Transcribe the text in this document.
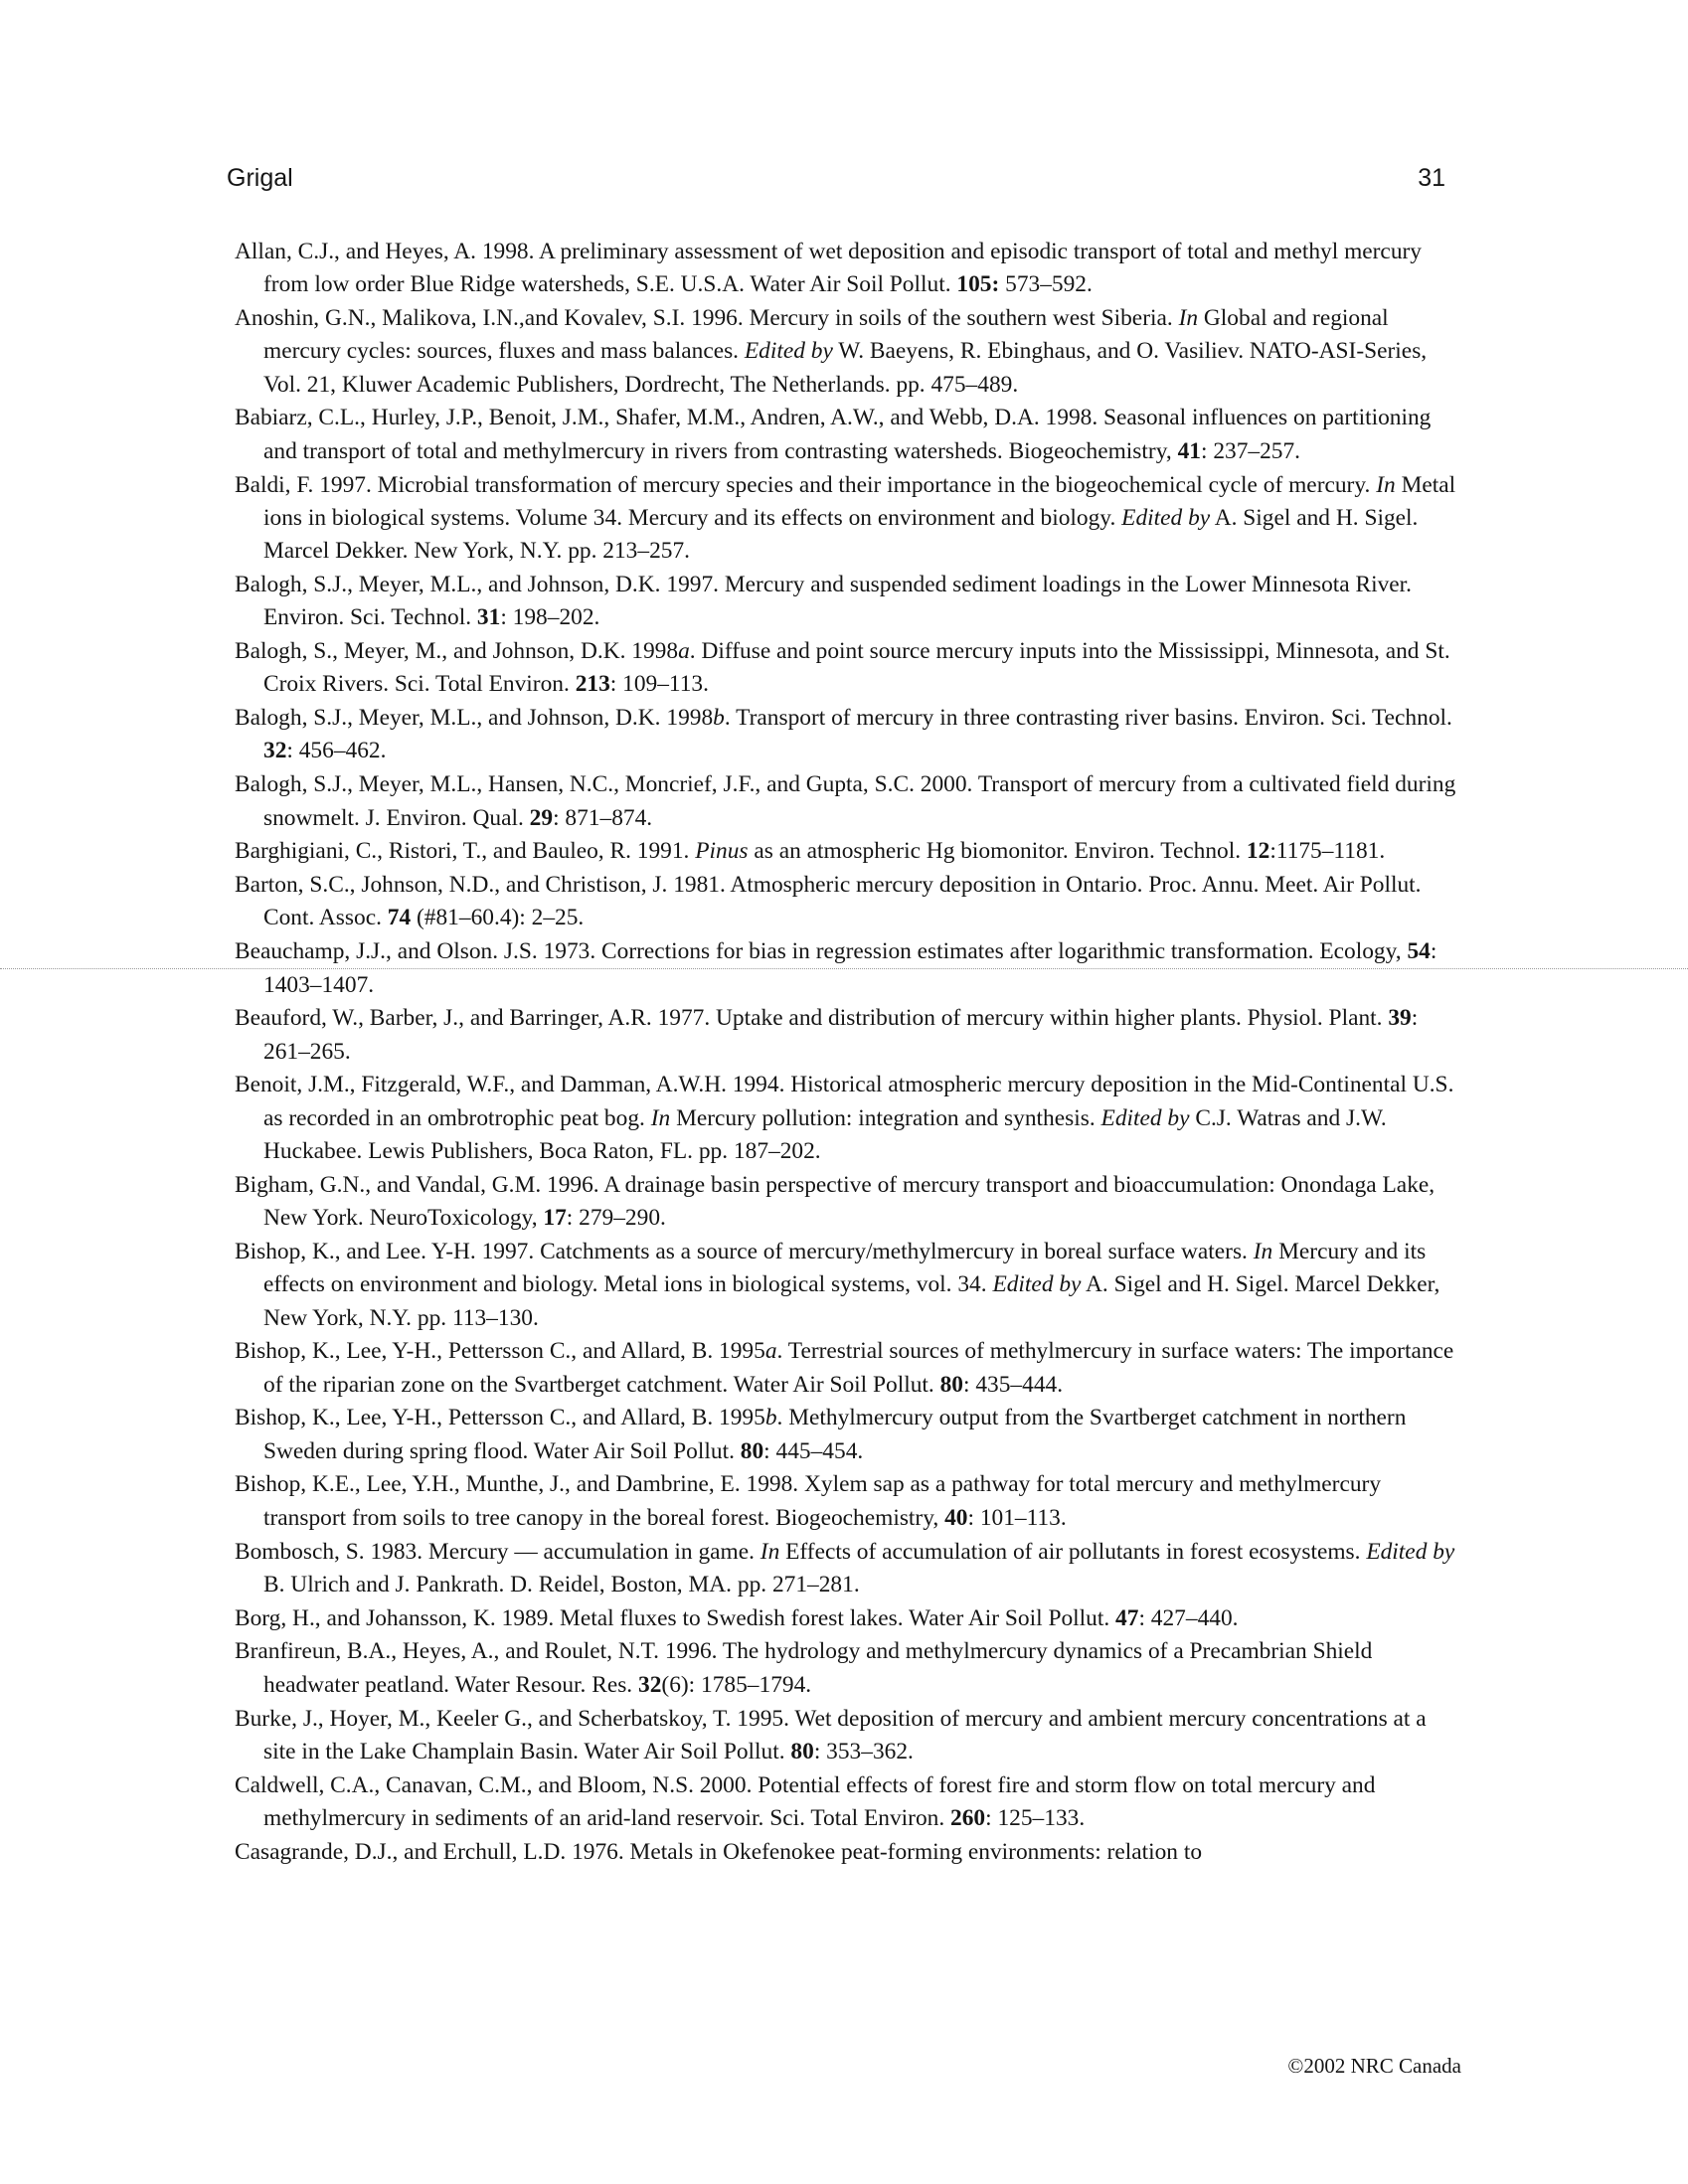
Grigal	31

Allan, C.J., and Heyes, A. 1998. A preliminary assessment of wet deposition and episodic transport of total and methyl mercury from low order Blue Ridge watersheds, S.E. U.S.A. Water Air Soil Pollut. 105: 573–592.

Anoshin, G.N., Malikova, I.N.,and Kovalev, S.I. 1996. Mercury in soils of the southern west Siberia. In Global and regional mercury cycles: sources, fluxes and mass balances. Edited by W. Baeyens, R. Ebinghaus, and O. Vasiliev. NATO-ASI-Series, Vol. 21, Kluwer Academic Publishers, Dordrecht, The Netherlands. pp. 475–489.

Babiarz, C.L., Hurley, J.P., Benoit, J.M., Shafer, M.M., Andren, A.W., and Webb, D.A. 1998. Seasonal influences on partitioning and transport of total and methylmercury in rivers from contrasting watersheds. Biogeochemistry, 41: 237–257.

Baldi, F. 1997. Microbial transformation of mercury species and their importance in the biogeochemical cycle of mercury. In Metal ions in biological systems. Volume 34. Mercury and its effects on environment and biology. Edited by A. Sigel and H. Sigel. Marcel Dekker. New York, N.Y. pp. 213–257.

Balogh, S.J., Meyer, M.L., and Johnson, D.K. 1997. Mercury and suspended sediment loadings in the Lower Minnesota River. Environ. Sci. Technol. 31: 198–202.

Balogh, S., Meyer, M., and Johnson, D.K. 1998a. Diffuse and point source mercury inputs into the Mississippi, Minnesota, and St. Croix Rivers. Sci. Total Environ. 213: 109–113.

Balogh, S.J., Meyer, M.L., and Johnson, D.K. 1998b. Transport of mercury in three contrasting river basins. Environ. Sci. Technol. 32: 456–462.

Balogh, S.J., Meyer, M.L., Hansen, N.C., Moncrief, J.F., and Gupta, S.C. 2000. Transport of mercury from a cultivated field during snowmelt. J. Environ. Qual. 29: 871–874.

Barghigiani, C., Ristori, T., and Bauleo, R. 1991. Pinus as an atmospheric Hg biomonitor. Environ. Technol. 12:1175–1181.

Barton, S.C., Johnson, N.D., and Christison, J. 1981. Atmospheric mercury deposition in Ontario. Proc. Annu. Meet. Air Pollut. Cont. Assoc. 74 (#81–60.4): 2–25.

Beauchamp, J.J., and Olson. J.S. 1973. Corrections for bias in regression estimates after logarithmic transformation. Ecology, 54: 1403–1407.

Beauford, W., Barber, J., and Barringer, A.R. 1977. Uptake and distribution of mercury within higher plants. Physiol. Plant. 39: 261–265.

Benoit, J.M., Fitzgerald, W.F., and Damman, A.W.H. 1994. Historical atmospheric mercury deposition in the Mid-Continental U.S. as recorded in an ombrotrophic peat bog. In Mercury pollution: integration and synthesis. Edited by C.J. Watras and J.W. Huckabee. Lewis Publishers, Boca Raton, FL. pp. 187–202.

Bigham, G.N., and Vandal, G.M. 1996. A drainage basin perspective of mercury transport and bioaccumulation: Onondaga Lake, New York. NeuroToxicology, 17: 279–290.

Bishop, K., and Lee. Y-H. 1997. Catchments as a source of mercury/methylmercury in boreal surface waters. In Mercury and its effects on environment and biology. Metal ions in biological systems, vol. 34. Edited by A. Sigel and H. Sigel. Marcel Dekker, New York, N.Y. pp. 113–130.

Bishop, K., Lee, Y-H., Pettersson C., and Allard, B. 1995a. Terrestrial sources of methylmercury in surface waters: The importance of the riparian zone on the Svartberget catchment. Water Air Soil Pollut. 80: 435–444.

Bishop, K., Lee, Y-H., Pettersson C., and Allard, B. 1995b. Methylmercury output from the Svartberget catchment in northern Sweden during spring flood. Water Air Soil Pollut. 80: 445–454.

Bishop, K.E., Lee, Y.H., Munthe, J., and Dambrine, E. 1998. Xylem sap as a pathway for total mercury and methylmercury transport from soils to tree canopy in the boreal forest. Biogeochemistry, 40: 101–113.

Bombosch, S. 1983. Mercury — accumulation in game. In Effects of accumulation of air pollutants in forest ecosystems. Edited by B. Ulrich and J. Pankrath. D. Reidel, Boston, MA. pp. 271–281.

Borg, H., and Johansson, K. 1989. Metal fluxes to Swedish forest lakes. Water Air Soil Pollut. 47: 427–440.

Branfireun, B.A., Heyes, A., and Roulet, N.T. 1996. The hydrology and methylmercury dynamics of a Precambrian Shield headwater peatland. Water Resour. Res. 32(6): 1785–1794.

Burke, J., Hoyer, M., Keeler G., and Scherbatskoy, T. 1995. Wet deposition of mercury and ambient mercury concentrations at a site in the Lake Champlain Basin. Water Air Soil Pollut. 80: 353–362.

Caldwell, C.A., Canavan, C.M., and Bloom, N.S. 2000. Potential effects of forest fire and storm flow on total mercury and methylmercury in sediments of an arid-land reservoir. Sci. Total Environ. 260: 125–133.

Casagrande, D.J., and Erchull, L.D. 1976. Metals in Okefenokee peat-forming environments: relation to

©2002 NRC Canada
